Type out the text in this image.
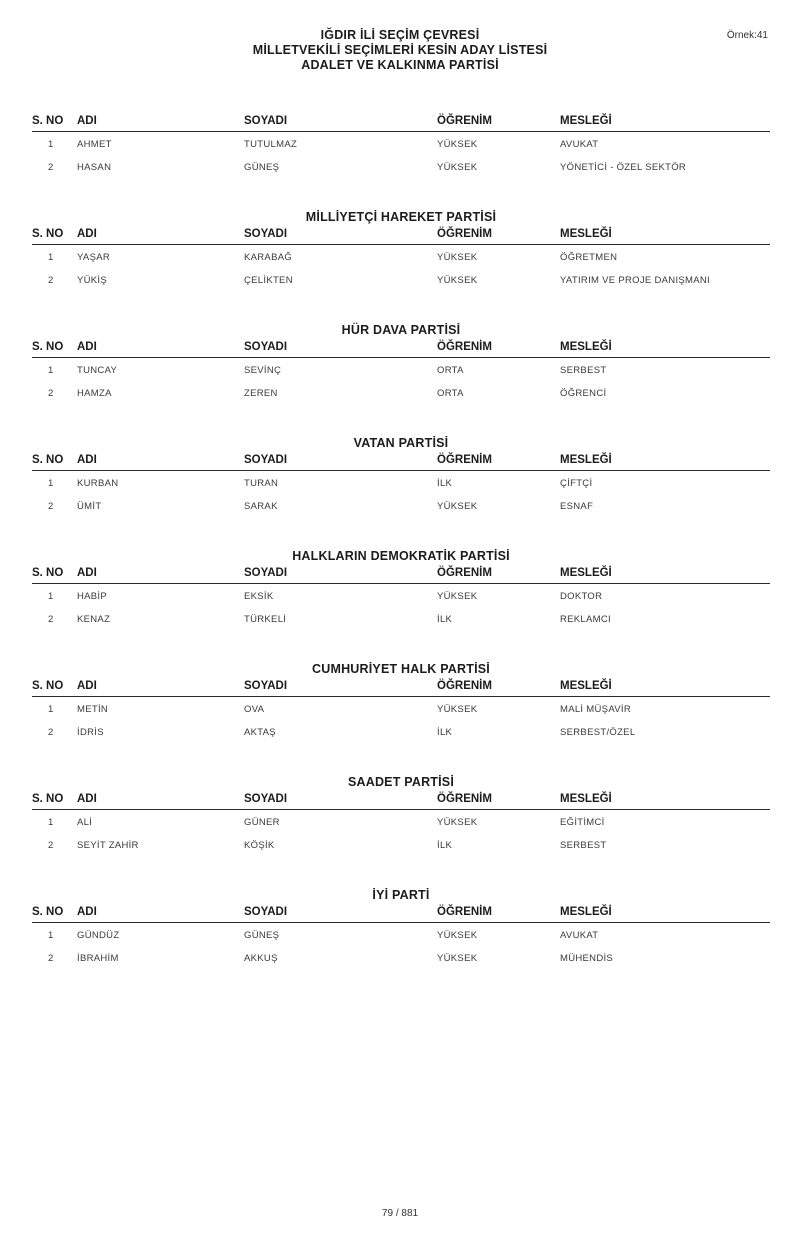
IĞDIR İLİ SEÇİM ÇEVRESİ
MİLLETVEKİLİ SEÇİMLERİ KESİN ADAY LİSTESİ
ADALET VE KALKINMA PARTİSİ
Örnek:41
S. NO ADI	SOYADI	ÖĞRENİM	MESLEĞİ
1 AHMET	TUTULMAZ	YÜKSEK	AVUKAT
2 HASAN	GÜNEŞ	YÜKSEK	YÖNETİCİ - ÖZEL SEKTÖR
MİLLİYETÇİ HAREKET PARTİSİ
S. NO ADI	SOYADI	ÖĞRENİM	MESLEĞİ
1 YAŞAR	KARABAĞ	YÜKSEK	ÖĞRETMEN
2 YÜKİŞ	ÇELİKTEN	YÜKSEK	YATIRIM VE PROJE DANIŞMANI
HÜR DAVA PARTİSİ
S. NO ADI	SOYADI	ÖĞRENİM	MESLEĞİ
1 TUNCAY	SEVİNÇ	ORTA	SERBEST
2 HAMZA	ZEREN	ORTA	ÖĞRENCİ
VATAN PARTİSİ
S. NO ADI	SOYADI	ÖĞRENİM	MESLEĞİ
1 KURBAN	TURAN	İLK	ÇİFTÇİ
2 ÜMİT	SARAK	YÜKSEK	ESNAF
HALKLARIN DEMOKRATİK PARTİSİ
S. NO ADI	SOYADI	ÖĞRENİM	MESLEĞİ
1 HABİP	EKSİK	YÜKSEK	DOKTOR
2 KENAZ	TÜRKELİ	İLK	REKLAMCI
CUMHURİYET HALK PARTİSİ
S. NO ADI	SOYADI	ÖĞRENİM	MESLEĞİ
1 METİN	OVA	YÜKSEK	MALİ MÜŞAVİR
2 İDRİS	AKTAŞ	İLK	SERBEST/ÖZEL
SAADET PARTİSİ
S. NO ADI	SOYADI	ÖĞRENİM	MESLEĞİ
1 ALİ	GÜNER	YÜKSEK	EĞİTİMCİ
2 SEYİT ZAHİR	KÖŞİK	İLK	SERBEST
İYİ PARTİ
S. NO ADI	SOYADI	ÖĞRENİM	MESLEĞİ
1 GÜNDÜZ	GÜNEŞ	YÜKSEK	AVUKAT
2 İBRAHİM	AKKUŞ	YÜKSEK	MÜHENDİS
79 / 881
